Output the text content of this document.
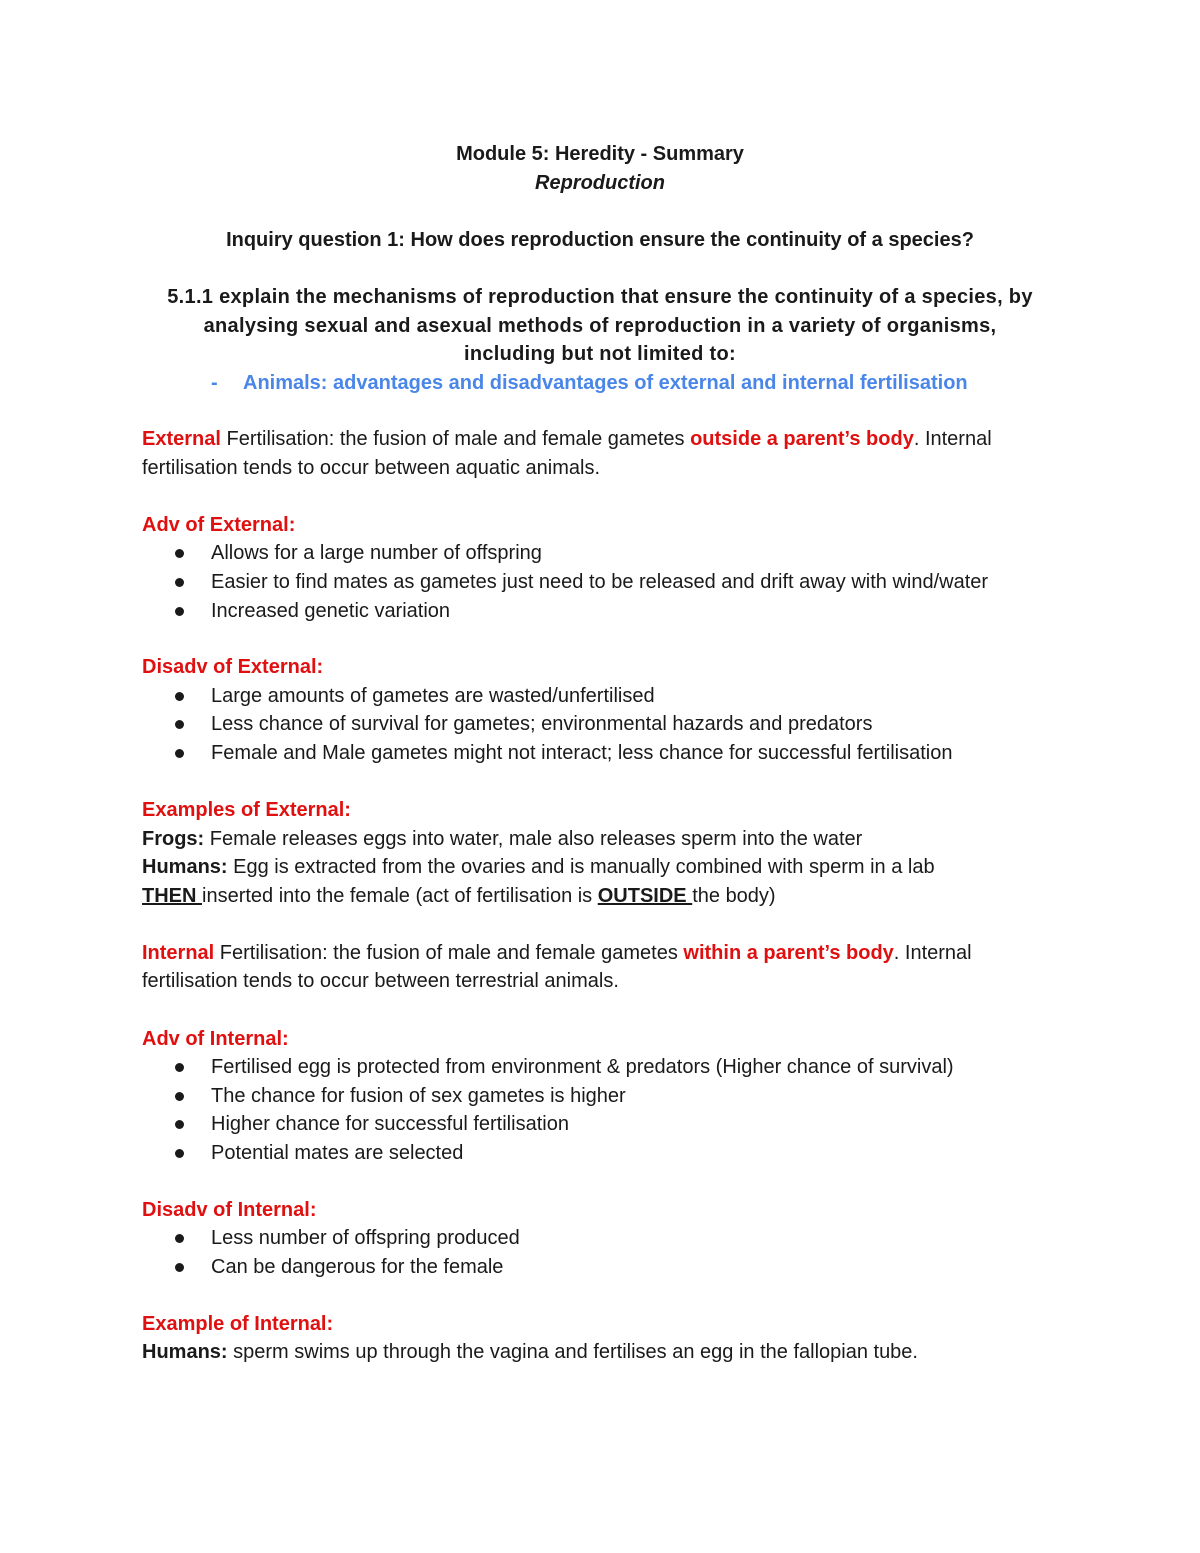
Module 5: Heredity - Summary
Reproduction
Inquiry question 1: How does reproduction ensure the continuity of a species?
5.1.1 explain the mechanisms of reproduction that ensure the continuity of a species, by
analysing sexual and asexual methods of reproduction in a variety of organisms,
including but not limited to:
- Animals: advantages and disadvantages of external and internal fertilisation
External Fertilisation: the fusion of male and female gametes outside a parent’s body. Internal
fertilisation tends to occur between aquatic animals.
Adv of External:
Allows for a large number of offspring
Easier to find mates as gametes just need to be released and drift away with wind/water
Increased genetic variation
Disadv of External:
Large amounts of gametes are wasted/unfertilised
Less chance of survival for gametes; environmental hazards and predators
Female and Male gametes might not interact; less chance for successful fertilisation
Examples of External:
Frogs: Female releases eggs into water, male also releases sperm into the water
Humans: Egg is extracted from the ovaries and is manually combined with sperm in a lab
THEN inserted into the female (act of fertilisation is OUTSIDE the body)
Internal Fertilisation: the fusion of male and female gametes within a parent’s body. Internal
fertilisation tends to occur between terrestrial animals.
Adv of Internal:
Fertilised egg is protected from environment & predators (Higher chance of survival)
The chance for fusion of sex gametes is higher
Higher chance for successful fertilisation
Potential mates are selected
Disadv of Internal:
Less number of offspring produced
Can be dangerous for the female
Example of Internal:
Humans: sperm swims up through the vagina and fertilises an egg in the fallopian tube.
